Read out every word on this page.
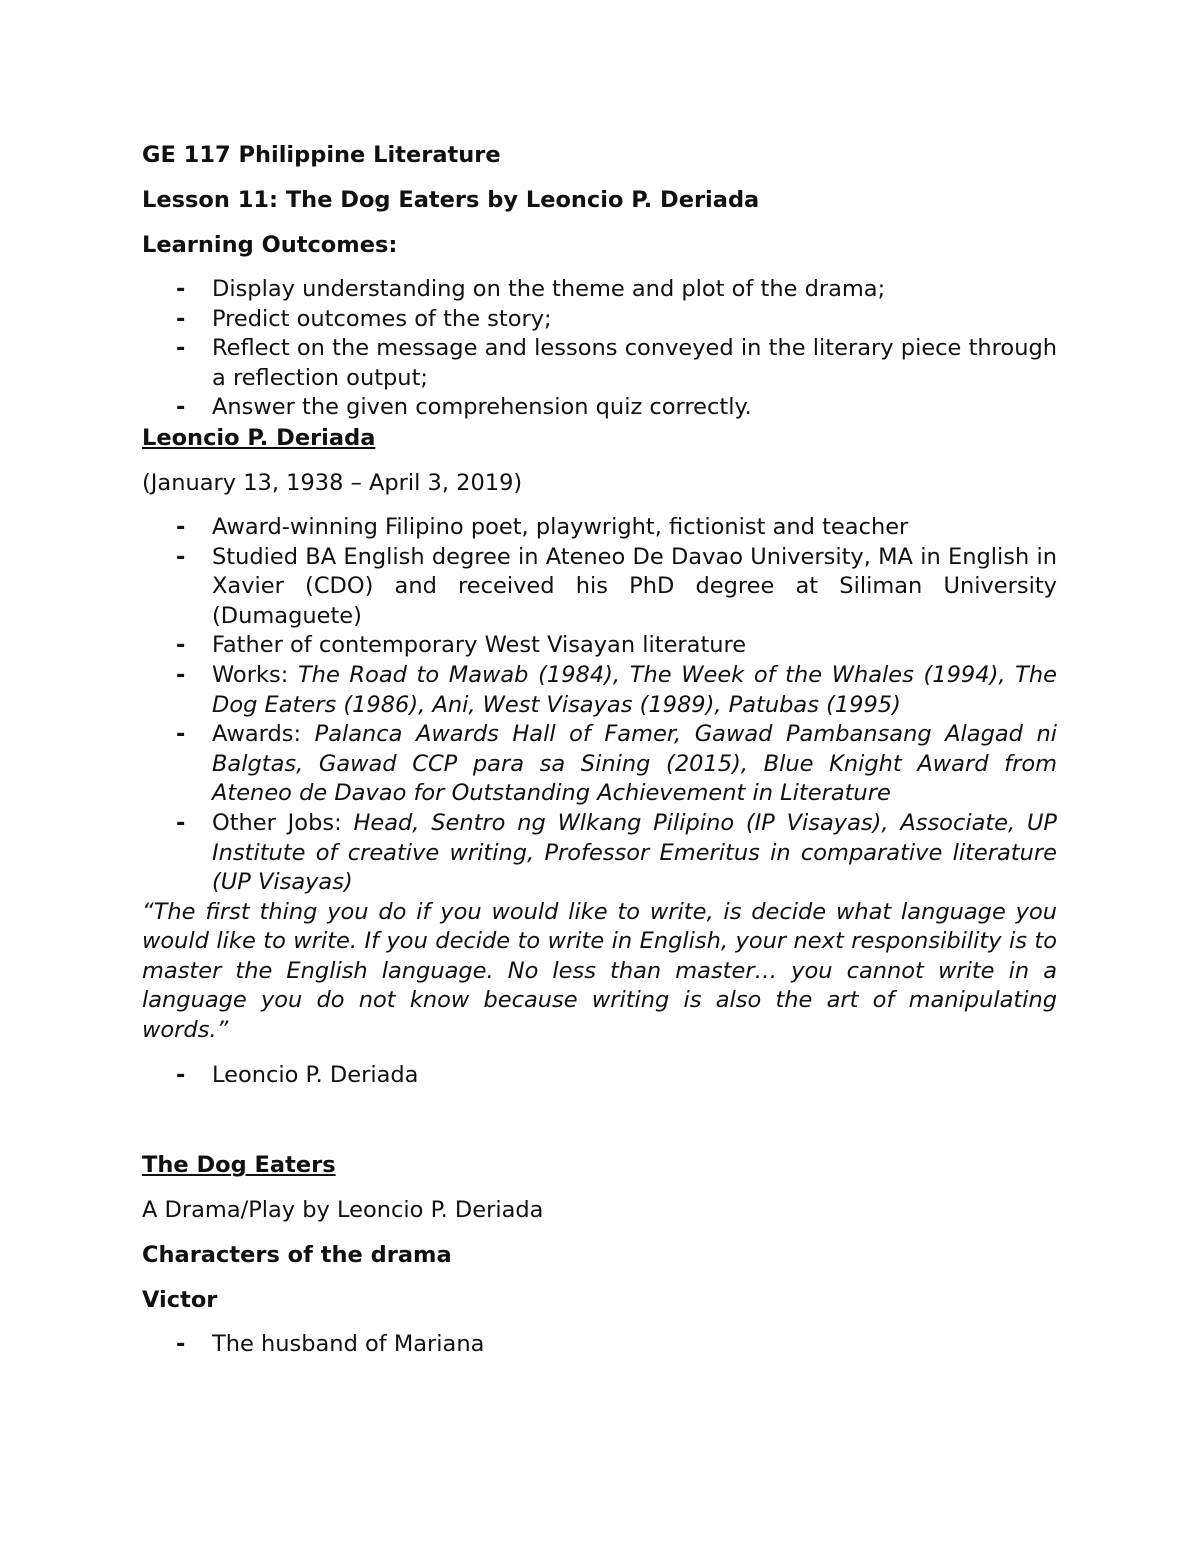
GE 117 Philippine Literature

Lesson 11: The Dog Eaters by Leoncio P. Deriada

Learning Outcomes:

- Display understanding on the theme and plot of the drama;
- Predict outcomes of the story;
- Reflect on the message and lessons conveyed in the literary piece through a reflection output;
- Answer the given comprehension quiz correctly.

Leoncio P. Deriada

(January 13, 1938 – April 3, 2019)

- Award-winning Filipino poet, playwright, fictionist and teacher
- Studied BA English degree in Ateneo De Davao University, MA in English in Xavier (CDO) and received his PhD degree at Siliman University (Dumaguete)
- Father of contemporary West Visayan literature
- Works: The Road to Mawab (1984), The Week of the Whales (1994), The Dog Eaters (1986), Ani, West Visayas (1989), Patubas (1995)
- Awards: Palanca Awards Hall of Famer, Gawad Pambansang Alagad ni Balgtas, Gawad CCP para sa Sining (2015), Blue Knight Award from Ateneo de Davao for Outstanding Achievement in Literature
- Other Jobs: Head, Sentro ng Wlkang Pilipino (IP Visayas), Associate, UP Institute of creative writing, Professor Emeritus in comparative literature (UP Visayas)

“The first thing you do if you would like to write, is decide what language you would like to write. If you decide to write in English, your next responsibility is to master the English language. No less than master… you cannot write in a language you do not know because writing is also the art of manipulating words.”

- Leoncio P. Deriada

The Dog Eaters

A Drama/Play by Leoncio P. Deriada

Characters of the drama

Victor

- The husband of Mariana
